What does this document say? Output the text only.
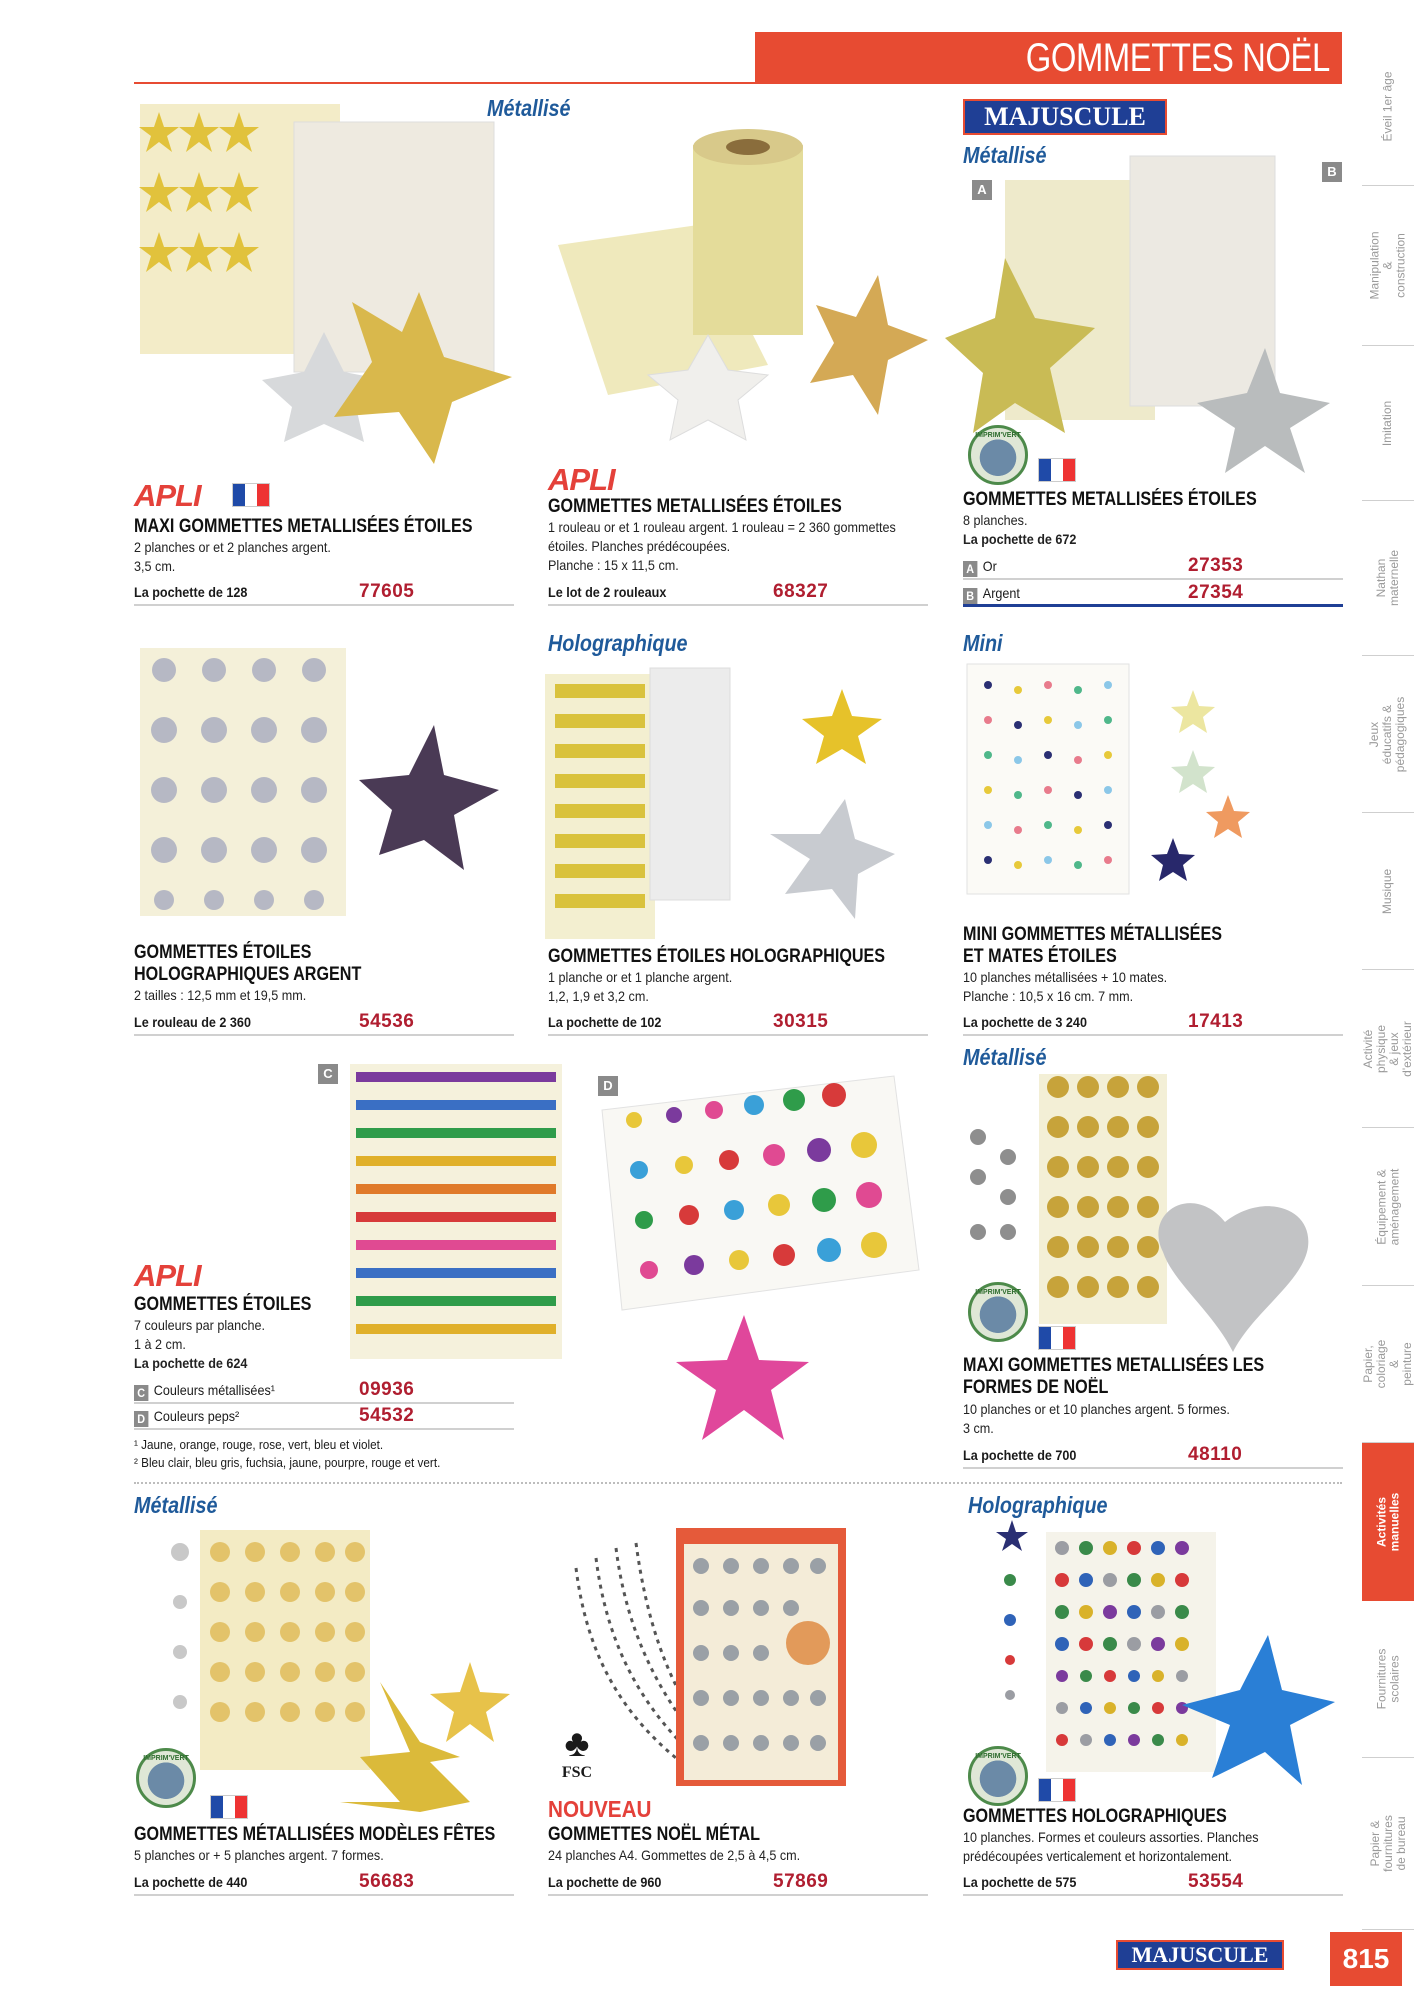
GOMMETTES NOËL
Éveil 1er âge
Manipulation & construction
Imitation
Nathan maternelle
Jeux éducatifs & pédagogiques
Musique
Activité physique & jeux d'extérieur
Équipement & aménagement
Papier, coloriage & peinture
Activités manuelles
Fournitures scolaires
Papier & fournitures de bureau
Métallisé
APLI
MAXI GOMMETTES METALLISÉES ÉTOILES
2 planches or et 2 planches argent.
3,5 cm.
La pochette de 128	77605
APLI
GOMMETTES METALLISÉES ÉTOILES
1 rouleau or et 1 rouleau argent. 1 rouleau = 2 360 gommettes
étoiles. Planches prédécoupées.
Planche : 15 x 11,5 cm.
Le lot de 2 rouleaux	68327
MAJUSCULE
Métallisé
A
B
IMPRIM'VERT
GOMMETTES METALLISÉES ÉTOILES
8 planches.
La pochette de 672
A Or	27353
B Argent	27354
GOMMETTES ÉTOILES
HOLOGRAPHIQUES ARGENT
2 tailles : 12,5 mm et 19,5 mm.
Le rouleau de 2 360	54536
Holographique
GOMMETTES ÉTOILES HOLOGRAPHIQUES
1 planche or et 1 planche argent.
1,2, 1,9 et 3,2 cm.
La pochette de 102	30315
Mini
MINI GOMMETTES MÉTALLISÉES
ET MATES ÉTOILES
10 planches métallisées + 10 mates.
Planche : 10,5 x 16 cm. 7 mm.
La pochette de 3 240	17413
C
D
APLI
GOMMETTES ÉTOILES
7 couleurs par planche.
1 à 2 cm.
La pochette de 624
C Couleurs métallisées¹	09936
D Couleurs peps²	54532
¹ Jaune, orange, rouge, rose, vert, bleu et violet.
² Bleu clair, bleu gris, fuchsia, jaune, pourpre, rouge et vert.
Métallisé
IMPRIM'VERT
MAXI GOMMETTES METALLISÉES LES
FORMES DE NOËL
10 planches or et 10 planches argent. 5 formes.
3 cm.
La pochette de 700	48110
Métallisé
IMPRIM'VERT
GOMMETTES MÉTALLISÉES MODÈLES FÊTES
5 planches or + 5 planches argent. 7 formes.
La pochette de 440	56683
♣
FSC
NOUVEAU
GOMMETTES NOËL MÉTAL
24 planches A4. Gommettes de 2,5 à 4,5 cm.
La pochette de 960	57869
Holographique
IMPRIM'VERT
GOMMETTES HOLOGRAPHIQUES
10 planches. Formes et couleurs assorties. Planches
prédécoupées verticalement et horizontalement.
La pochette de 575	53554
MAJUSCULE	815
